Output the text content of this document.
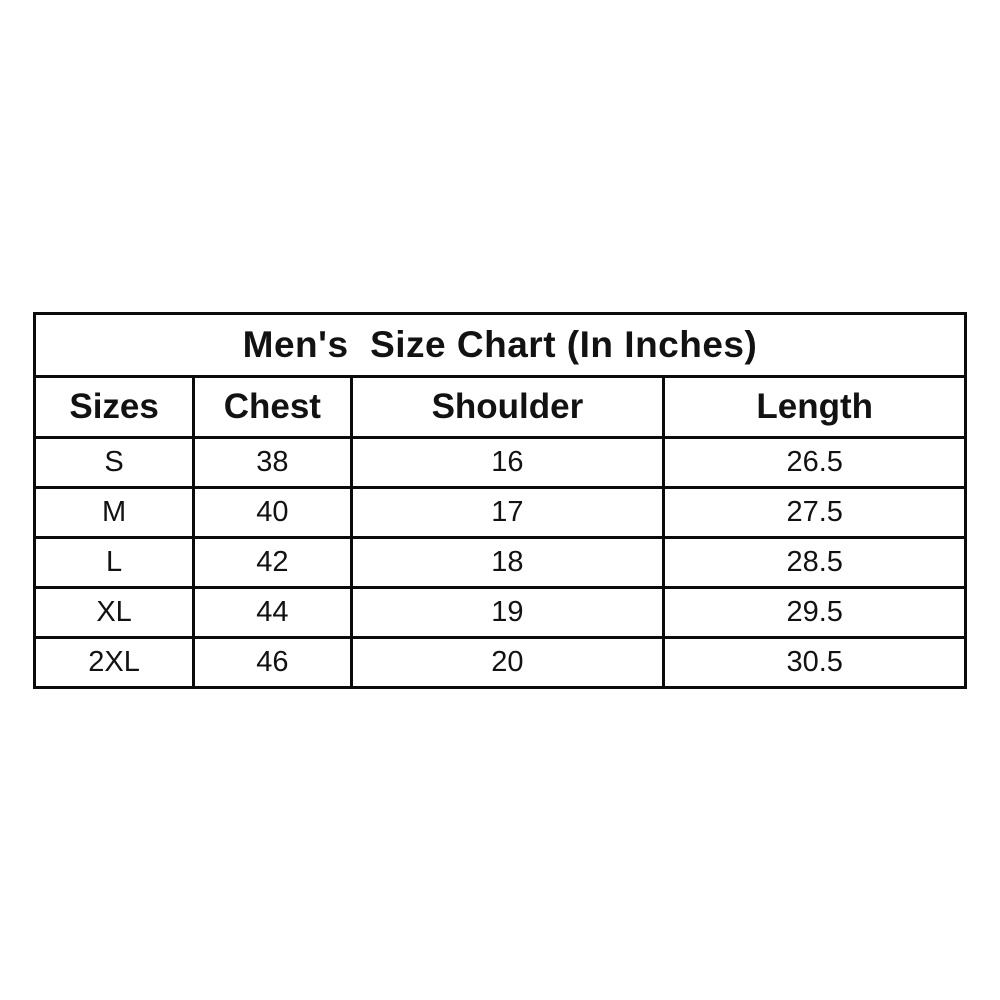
Men's  Size Chart (In Inches)			
Sizes	Chest	Shoulder	Length
S	38	16	26.5
M	40	17	27.5
L	42	18	28.5
XL	44	19	29.5
2XL	46	20	30.5
